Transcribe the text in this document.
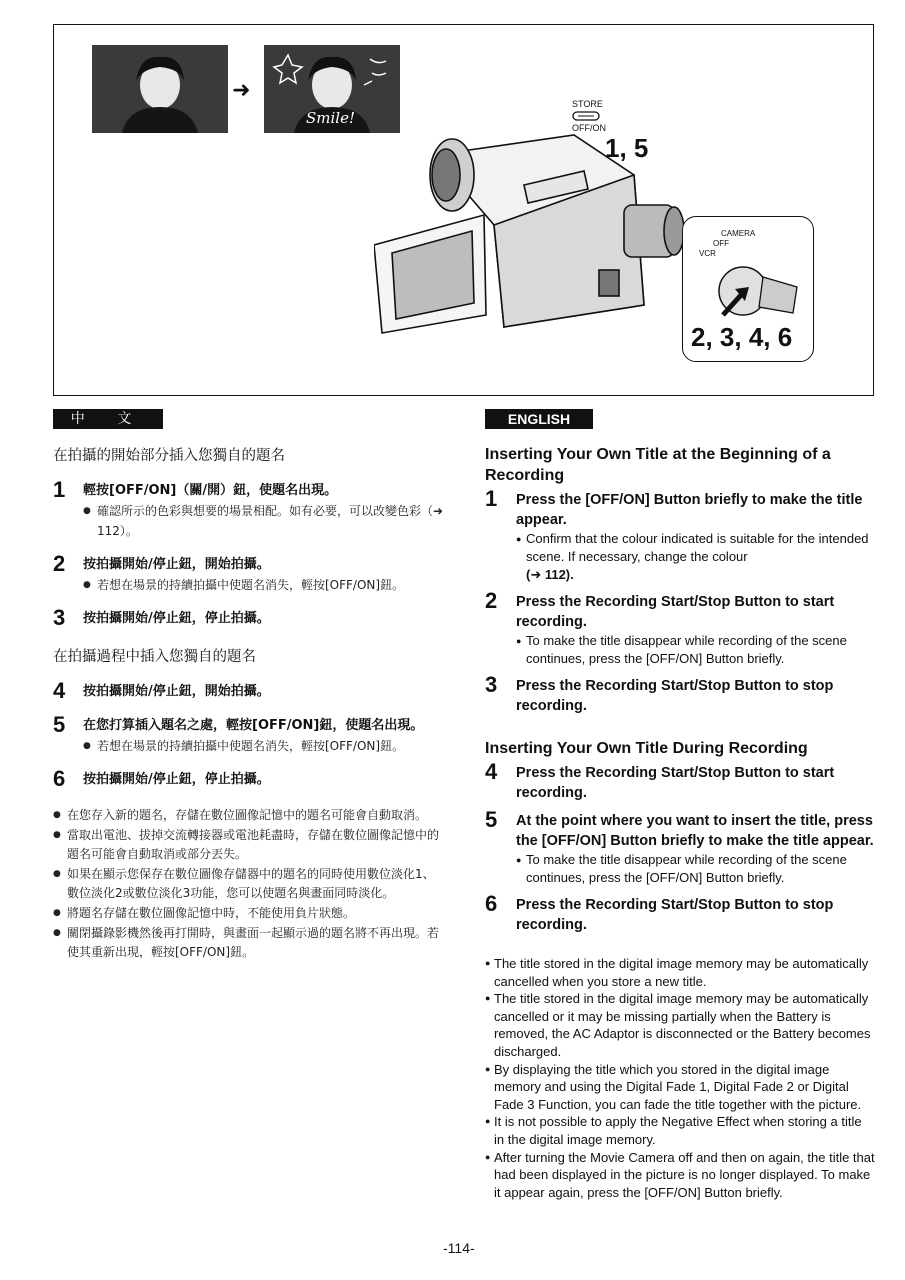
➜
Smile!
STORE
OFF/ON
1, 5
CAMERA
OFF
VCR
2, 3, 4, 6
中 文	ENGLISH
在拍攝的開始部分插入您獨自的題名
1 輕按[OFF/ON]（關/開）鈕，使題名出現。
● 確認所示的色彩與想要的場景相配。如有必要，可以改變色彩（➜ 112）。
2 按拍攝開始/停止鈕，開始拍攝。
● 若想在場景的持續拍攝中使題名消失，輕按[OFF/ON]鈕。
3 按拍攝開始/停止鈕，停止拍攝。
在拍攝過程中插入您獨自的題名
4 按拍攝開始/停止鈕，開始拍攝。
5 在您打算插入題名之處，輕按[OFF/ON]鈕，使題名出現。
● 若想在場景的持續拍攝中使題名消失，輕按[OFF/ON]鈕。
6 按拍攝開始/停止鈕，停止拍攝。
● 在您存入新的題名，存儲在數位圖像記憶中的題名可能會自動取消。
● 當取出電池、拔掉交流轉接器或電池耗盡時，存儲在數位圖像記憶中的題名可能會自動取消或部分丟失。
● 如果在顯示您保存在數位圖像存儲器中的題名的同時使用數位淡化1、數位淡化2或數位淡化3功能，您可以使題名與畫面同時淡化。
● 將題名存儲在數位圖像記憶中時，不能使用負片狀態。
● 關閉攝錄影機然後再打開時，與畫面一起顯示過的題名將不再出現。若使其重新出現，輕按[OFF/ON]鈕。
Inserting Your Own Title at the Beginning of a Recording
1 Press the [OFF/ON] Button briefly to make the title appear.
● Confirm that the colour indicated is suitable for the intended scene. If necessary, change the colour
(➜ 112).
2 Press the Recording Start/Stop Button to start recording.
● To make the title disappear while recording of the scene continues, press the [OFF/ON] Button briefly.
3 Press the Recording Start/Stop Button to stop recording.
Inserting Your Own Title During Recording
4 Press the Recording Start/Stop Button to start recording.
5 At the point where you want to insert the title, press the [OFF/ON] Button briefly to make the title appear.
● To make the title disappear while recording of the scene continues, press the [OFF/ON] Button briefly.
6 Press the Recording Start/Stop Button to stop recording.
● The title stored in the digital image memory may be automatically cancelled when you store a new title.
● The title stored in the digital image memory may be automatically cancelled or it may be missing partially when the Battery is removed, the AC Adaptor is disconnected or the Battery becomes discharged.
● By displaying the title which you stored in the digital image memory and using the Digital Fade 1, Digital Fade 2 or Digital Fade 3 Function, you can fade the title together with the picture.
● It is not possible to apply the Negative Effect when storing a title in the digital image memory.
● After turning the Movie Camera off and then on again, the title that had been displayed in the picture is no longer displayed. To make it appear again, press the [OFF/ON] Button briefly.
-114-
